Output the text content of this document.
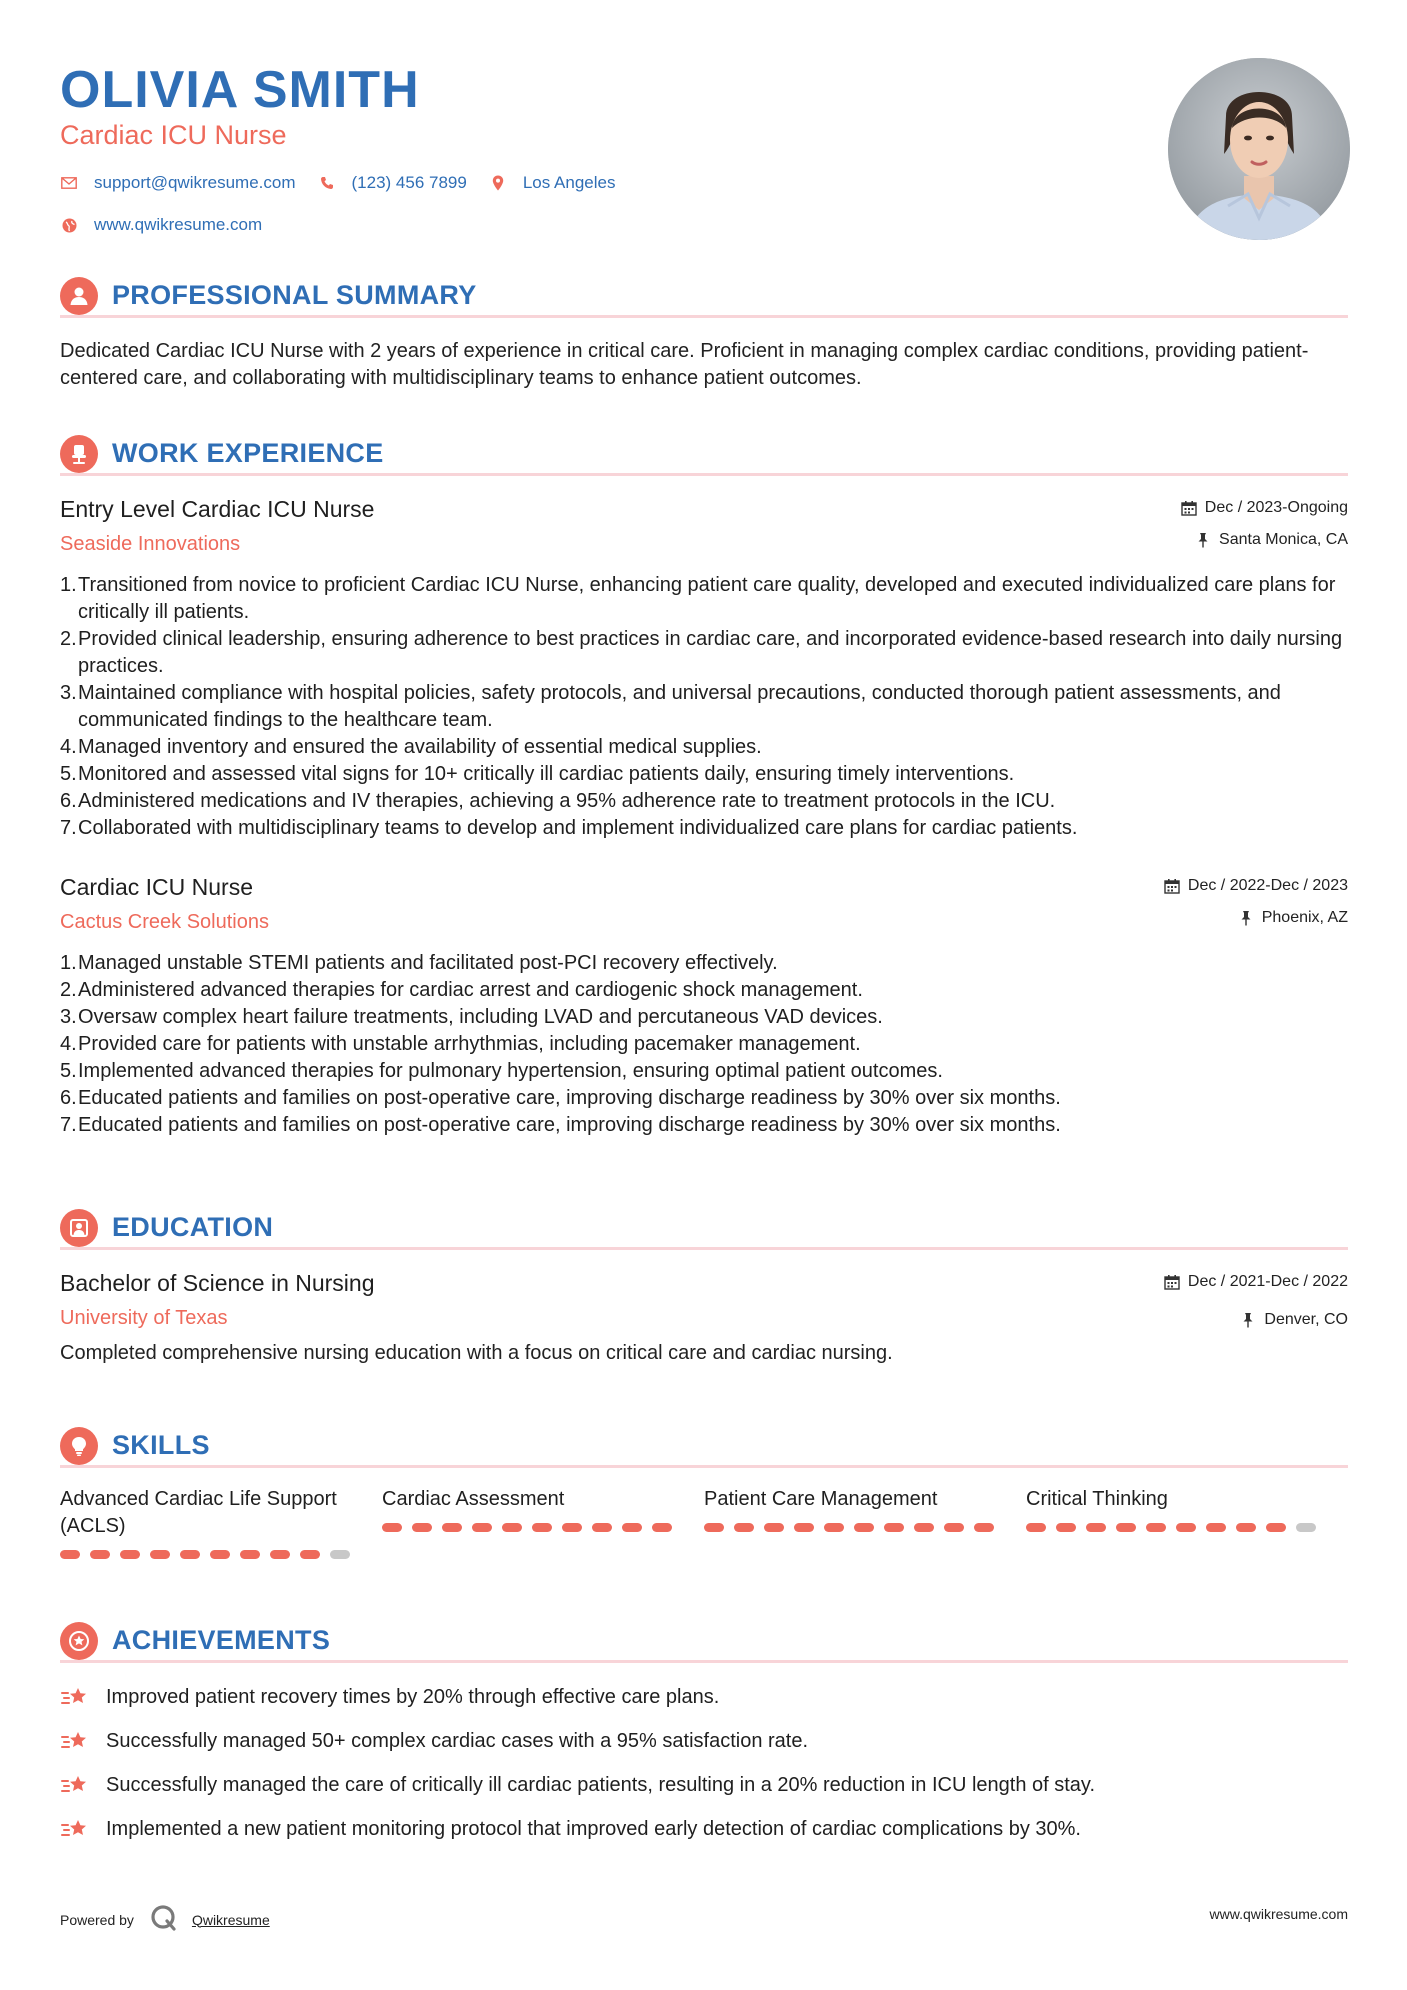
OLIVIA SMITH
Cardiac ICU Nurse
support@qwikresume.com	(123) 456 7899	Los Angeles
www.qwikresume.com
PROFESSIONAL SUMMARY

Dedicated Cardiac ICU Nurse with 2 years of experience in critical care. Proficient in managing complex cardiac conditions, providing patient-centered care, and collaborating with multidisciplinary teams to enhance patient outcomes.

WORK EXPERIENCE
Entry Level Cardiac ICU Nurse
Seaside Innovations
Dec / 2023-Ongoing
Santa Monica, CA
1. Transitioned from novice to proficient Cardiac ICU Nurse, enhancing patient care quality, developed and executed individualized care plans for critically ill patients.
2. Provided clinical leadership, ensuring adherence to best practices in cardiac care, and incorporated evidence-based research into daily nursing practices.
3. Maintained compliance with hospital policies, safety protocols, and universal precautions, conducted thorough patient assessments, and communicated findings to the healthcare team.
4. Managed inventory and ensured the availability of essential medical supplies.
5. Monitored and assessed vital signs for 10+ critically ill cardiac patients daily, ensuring timely interventions.
6. Administered medications and IV therapies, achieving a 95% adherence rate to treatment protocols in the ICU.
7. Collaborated with multidisciplinary teams to develop and implement individualized care plans for cardiac patients.
Cardiac ICU Nurse
Cactus Creek Solutions
Dec / 2022-Dec / 2023
Phoenix, AZ
1. Managed unstable STEMI patients and facilitated post-PCI recovery effectively.
2. Administered advanced therapies for cardiac arrest and cardiogenic shock management.
3. Oversaw complex heart failure treatments, including LVAD and percutaneous VAD devices.
4. Provided care for patients with unstable arrhythmias, including pacemaker management.
5. Implemented advanced therapies for pulmonary hypertension, ensuring optimal patient outcomes.
6. Educated patients and families on post-operative care, improving discharge readiness by 30% over six months.
7. Educated patients and families on post-operative care, improving discharge readiness by 30% over six months.
EDUCATION
Bachelor of Science in Nursing
University of Texas
Dec / 2021-Dec / 2022
Denver, CO

Completed comprehensive nursing education with a focus on critical care and cardiac nursing.

SKILLS
Advanced Cardiac Life Support (ACLS)
Cardiac Assessment	Patient Care Management	Critical Thinking
ACHIEVEMENTS
Improved patient recovery times by 20% through effective care plans.
Successfully managed 50+ complex cardiac cases with a 95% satisfaction rate.
Successfully managed the care of critically ill cardiac patients, resulting in a 20% reduction in ICU length of stay.
Implemented a new patient monitoring protocol that improved early detection of cardiac complications by 30%.
Powered by	Qwikresume	www.qwikresume.com
